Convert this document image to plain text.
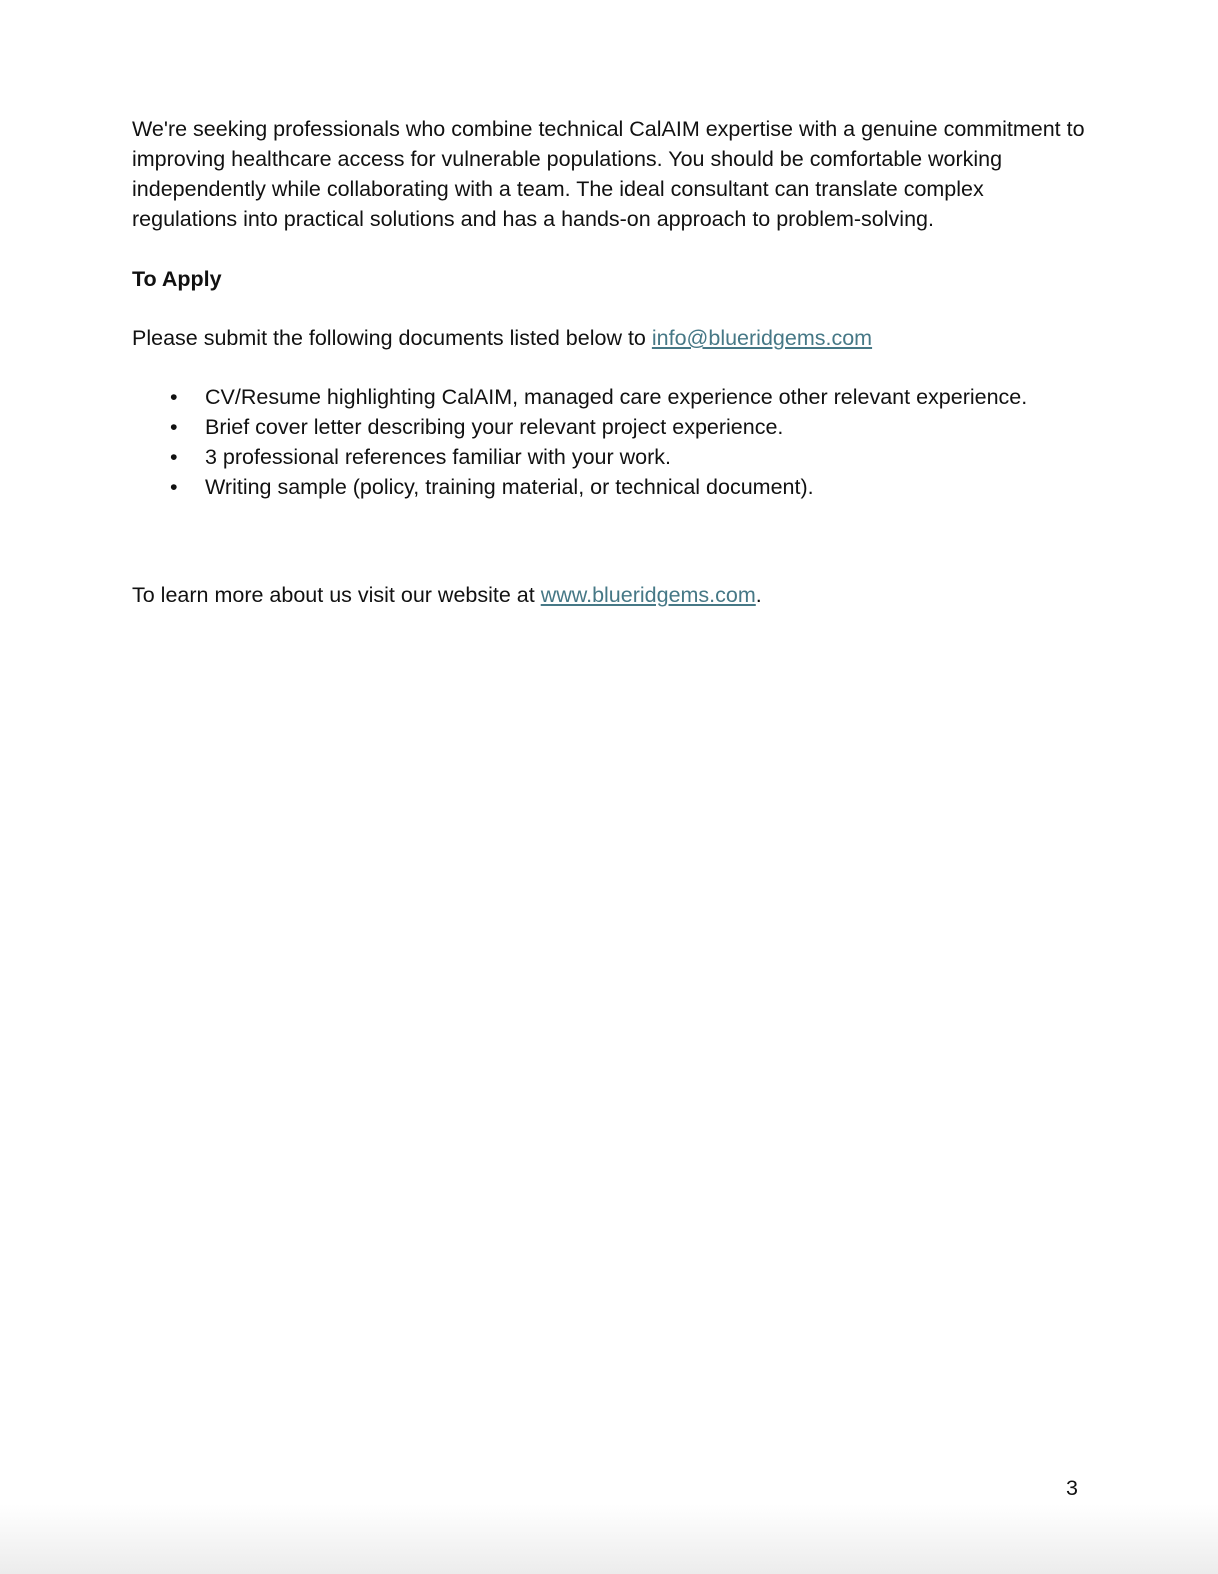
We're seeking professionals who combine technical CalAIM expertise with a genuine commitment to improving healthcare access for vulnerable populations. You should be comfortable working independently while collaborating with a team. The ideal consultant can translate complex regulations into practical solutions and has a hands-on approach to problem-solving.

To Apply

Please submit the following documents listed below to info@blueridgems.com

• CV/Resume highlighting CalAIM, managed care experience other relevant experience.
• Brief cover letter describing your relevant project experience.
• 3 professional references familiar with your work.
• Writing sample (policy, training material, or technical document).

To learn more about us visit our website at www.blueridgems.com.

3
